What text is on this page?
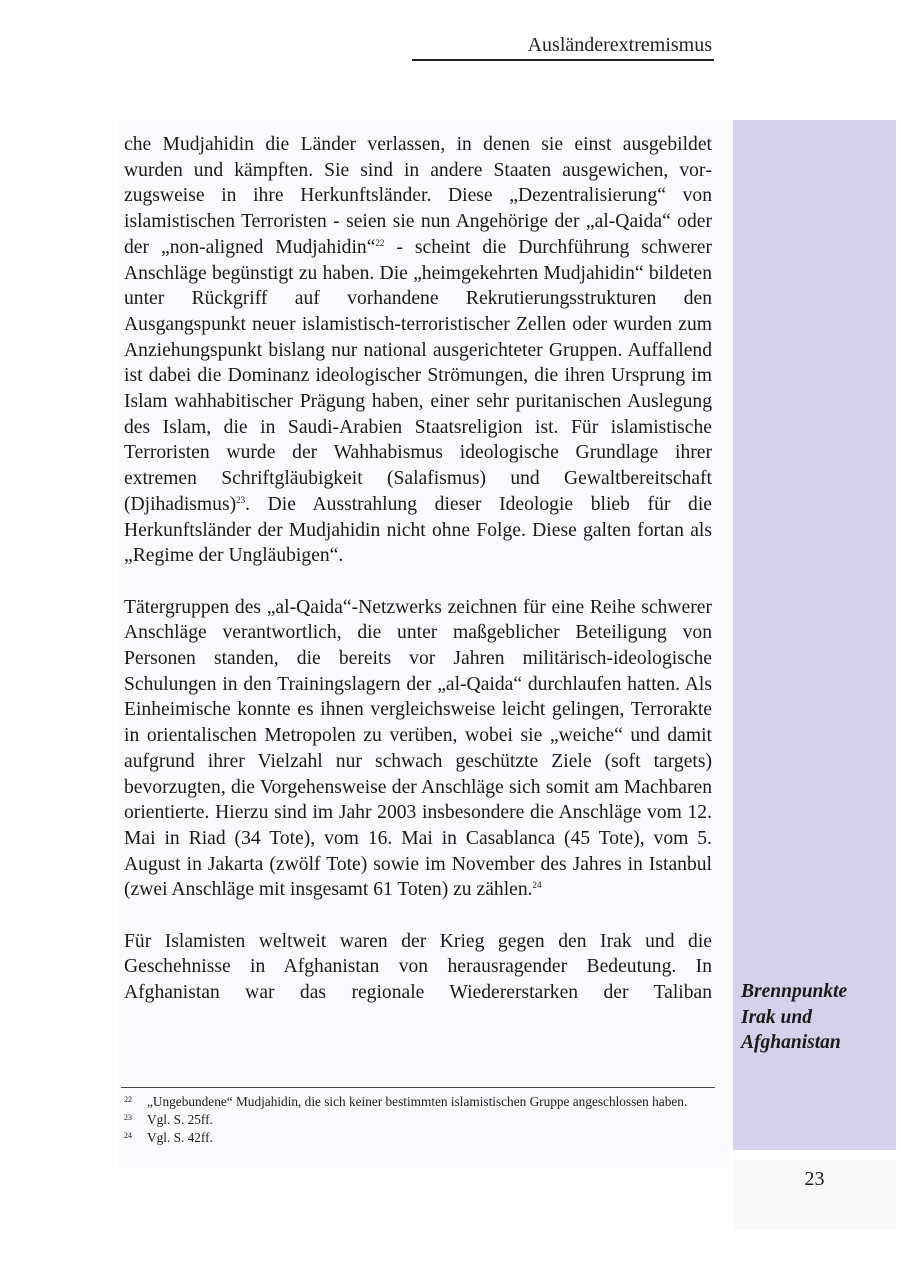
Ausländerextremismus

che Mudjahidin die Länder verlassen, in denen sie einst ausgebildet wurden und kämpften. Sie sind in andere Staaten ausgewichen, vorzugsweise in ihre Herkunftsländer. Diese „Dezentralisierung“ von islamistischen Terroristen - seien sie nun Angehörige der „al-Qaida“ oder der „non-aligned Mudjahidin“$^{22}$ - scheint die Durchführung schwerer Anschläge begünstigt zu haben. Die „heimgekehrten Mudjahidin“ bildeten unter Rückgriff auf vorhandene Rekrutierungsstrukturen den Ausgangspunkt neuer islamistisch-terroristischer Zellen oder wurden zum Anziehungspunkt bislang nur national ausgerichteter Gruppen. Auffallend ist dabei die Dominanz ideologischer Strömungen, die ihren Ursprung im Islam wahhabitischer Prägung haben, einer sehr puritanischen Auslegung des Islam, die in Saudi-Arabien Staatsreligion ist. Für islamistische Terroristen wurde der Wahhabismus ideologische Grundlage ihrer extremen Schriftgläubigkeit (Salafismus) und Gewaltbereitschaft (Djihadismus)$^{23}$. Die Ausstrahlung dieser Ideologie blieb für die Herkunftsländer der Mudjahidin nicht ohne Folge. Diese galten fortan als „Regime der Ungläubigen“.

Tätergruppen des „al-Qaida“-Netzwerks zeichnen für eine Reihe schwerer Anschläge verantwortlich, die unter maßgeblicher Beteiligung von Personen standen, die bereits vor Jahren militärisch-ideologische Schulungen in den Trainingslagern der „al-Qaida“ durchlaufen hatten. Als Einheimische konnte es ihnen vergleichsweise leicht gelingen, Terrorakte in orientalischen Metropolen zu verüben, wobei sie „weiche“ und damit aufgrund ihrer Vielzahl nur schwach geschützte Ziele (soft targets) bevorzugten, die Vorgehensweise der Anschläge sich somit am Machbaren orientierte. Hierzu sind im Jahr 2003 insbesondere die Anschläge vom 12. Mai in Riad (34 Tote), vom 16. Mai in Casablanca (45 Tote), vom 5. August in Jakarta (zwölf Tote) sowie im November des Jahres in Istanbul (zwei Anschläge mit insgesamt 61 Toten) zu zählen.$^{24}$

Für Islamisten weltweit waren der Krieg gegen den Irak und die Geschehnisse in Afghanistan von herausragender Bedeutung. In Afghanistan war das regionale Wiedererstarken der Taliban Brennpunkte
Irak und
Afghanistan
22	„Ungebundene“ Mudjahidin, die sich keiner bestimmten islamistischen Gruppe angeschlossen haben.
23	Vgl. S. 25ff.
24	Vgl. S. 42ff.
23
